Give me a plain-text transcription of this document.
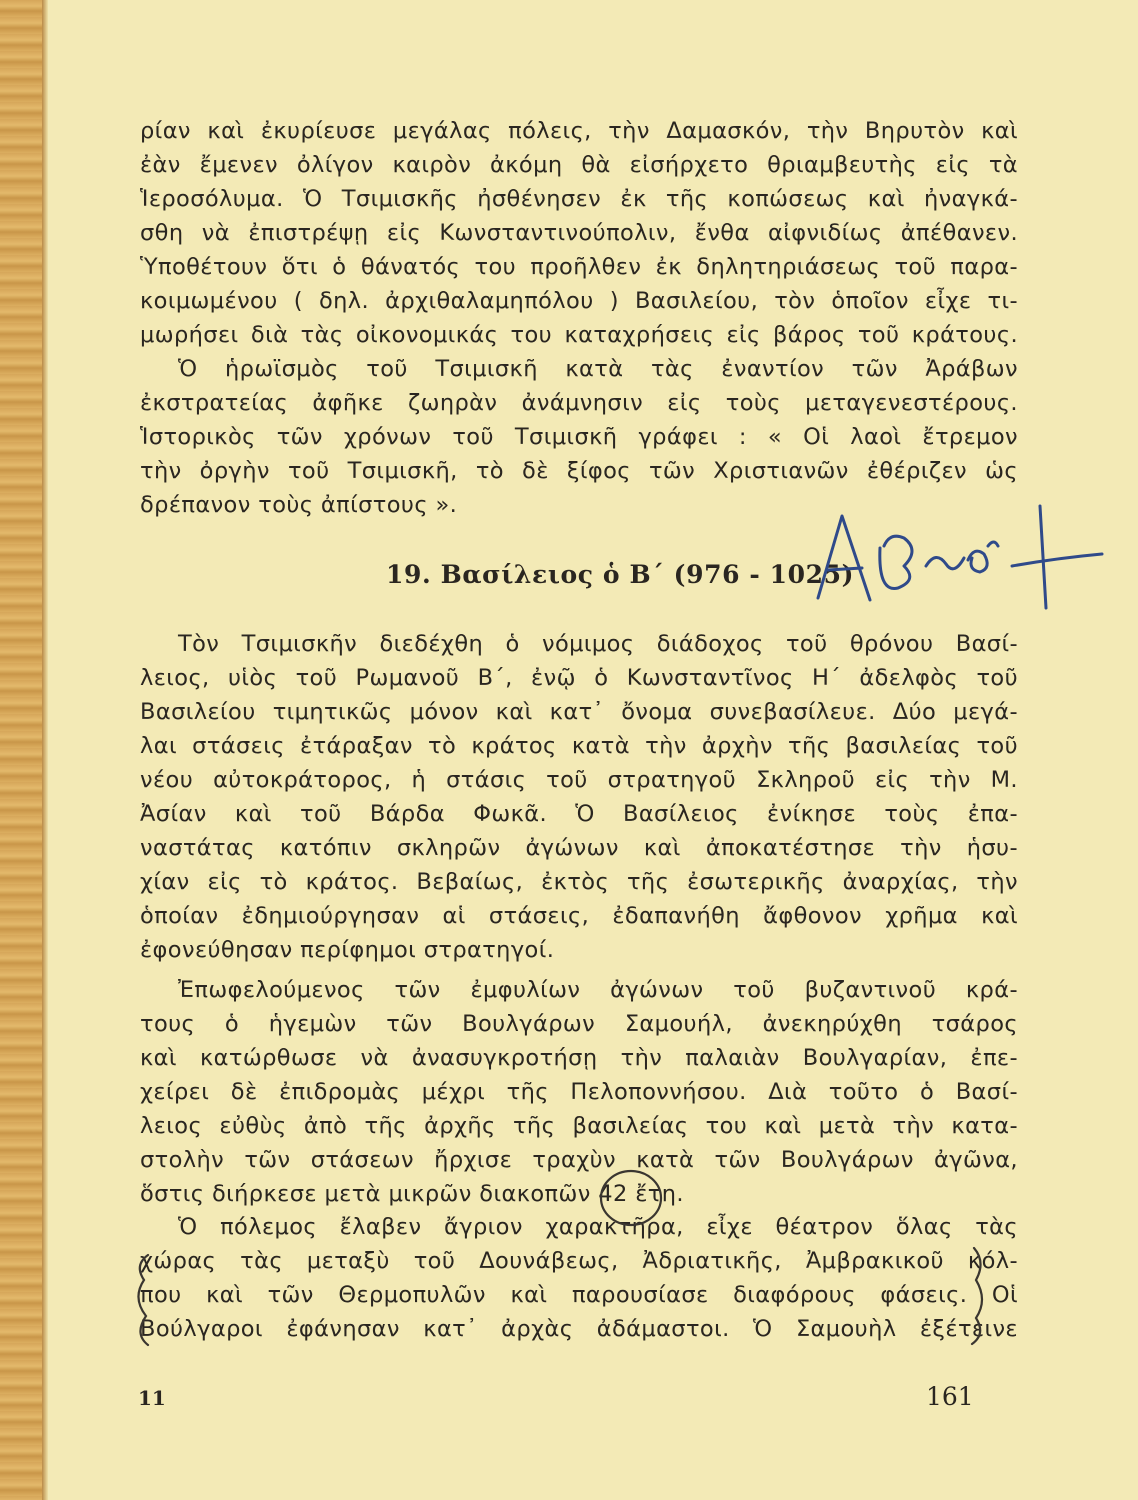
ρίαν καὶ ἐκυρίευσε μεγάλας πόλεις, τὴν Δαμασκόν, τὴν Βηρυτὸν καὶ
ἐὰν ἔμενεν ὀλίγον καιρὸν ἀκόμη θὰ εἰσήρχετο θριαμβευτὴς εἰς τὰ
Ἱεροσόλυμα. Ὁ Τσιμισκῆς ἠσθένησεν ἐκ τῆς κοπώσεως καὶ ἠναγκά-
σθη νὰ ἐπιστρέψῃ εἰς Κωνσταντινούπολιν, ἔνθα αἰφνιδίως ἀπέθανεν.
Ὑποθέτουν ὅτι ὁ θάνατός του προῆλθεν ἐκ δηλητηριάσεως τοῦ παρα-
κοιμωμένου ( δηλ. ἀρχιθαλαμηπόλου ) Βασιλείου, τὸν ὁποῖον εἶχε τι-
μωρήσει διὰ τὰς οἰκονομικάς του καταχρήσεις εἰς βάρος τοῦ κράτους.
Ὁ ἡρωϊσμὸς τοῦ Τσιμισκῆ κατὰ τὰς ἐναντίον τῶν Ἀράβων
ἐκστρατείας ἀφῆκε ζωηρὰν ἀνάμνησιν εἰς τοὺς μεταγενεστέρους.
Ἱστορικὸς τῶν χρόνων τοῦ Τσιμισκῆ γράφει : « Οἱ λαοὶ ἔτρεμον
τὴν ὀργὴν τοῦ Τσιμισκῆ, τὸ δὲ ξίφος τῶν Χριστιανῶν ἐθέριζεν ὡς
δρέπανον τοὺς ἀπίστους ».
19. Βασίλειος ὁ Β΄ (976 - 1025)
Τὸν Τσιμισκῆν διεδέχθη ὁ νόμιμος διάδοχος τοῦ θρόνου Βασί-
λειος, υἱὸς τοῦ Ρωμανοῦ Β΄, ἐνῷ ὁ Κωνσταντῖνος Η΄ ἀδελφὸς τοῦ
Βασιλείου τιμητικῶς μόνον καὶ κατ᾽ ὄνομα συνεβασίλευε. Δύο μεγά-
λαι στάσεις ἐτάραξαν τὸ κράτος κατὰ τὴν ἀρχὴν τῆς βασιλείας τοῦ
νέου αὐτοκράτορος, ἡ στάσις τοῦ στρατηγοῦ Σκληροῦ εἰς τὴν Μ.
Ἀσίαν καὶ τοῦ Βάρδα Φωκᾶ. Ὁ Βασίλειος ἐνίκησε τοὺς ἐπα-
ναστάτας κατόπιν σκληρῶν ἀγώνων καὶ ἀποκατέστησε τὴν ἡσυ-
χίαν εἰς τὸ κράτος. Βεβαίως, ἐκτὸς τῆς ἐσωτερικῆς ἀναρχίας, τὴν
ὁποίαν ἐδημιούργησαν αἱ στάσεις, ἐδαπανήθη ἄφθονον χρῆμα καὶ
ἐφονεύθησαν περίφημοι στρατηγοί.
Ἐπωφελούμενος τῶν ἐμφυλίων ἀγώνων τοῦ βυζαντινοῦ κρά-
τους ὁ ἡγεμὼν τῶν Βουλγάρων Σαμουήλ, ἀνεκηρύχθη τσάρος
καὶ κατώρθωσε νὰ ἀνασυγκροτήσῃ τὴν παλαιὰν Βουλγαρίαν, ἐπε-
χείρει δὲ ἐπιδρομὰς μέχρι τῆς Πελοποννήσου. Διὰ τοῦτο ὁ Βασί-
λειος εὐθὺς ἀπὸ τῆς ἀρχῆς τῆς βασιλείας του καὶ μετὰ τὴν κατα-
στολὴν τῶν στάσεων ἤρχισε τραχὺν κατὰ τῶν Βουλγάρων ἀγῶνα,
ὅστις διήρκεσε μετὰ μικρῶν διακοπῶν 42 ἔτη.
Ὁ πόλεμος ἔλαβεν ἄγριον χαρακτῆρα, εἶχε θέατρον ὅλας τὰς
χώρας τὰς μεταξὺ τοῦ Δουνάβεως, Ἀδριατικῆς, Ἀμβρακικοῦ κόλ-
που καὶ τῶν Θερμοπυλῶν καὶ παρουσίασε διαφόρους φάσεις. Οἱ
Βούλγαροι ἐφάνησαν κατ᾽ ἀρχὰς ἀδάμαστοι. Ὁ Σαμουὴλ ἐξέτεινε
11	161
